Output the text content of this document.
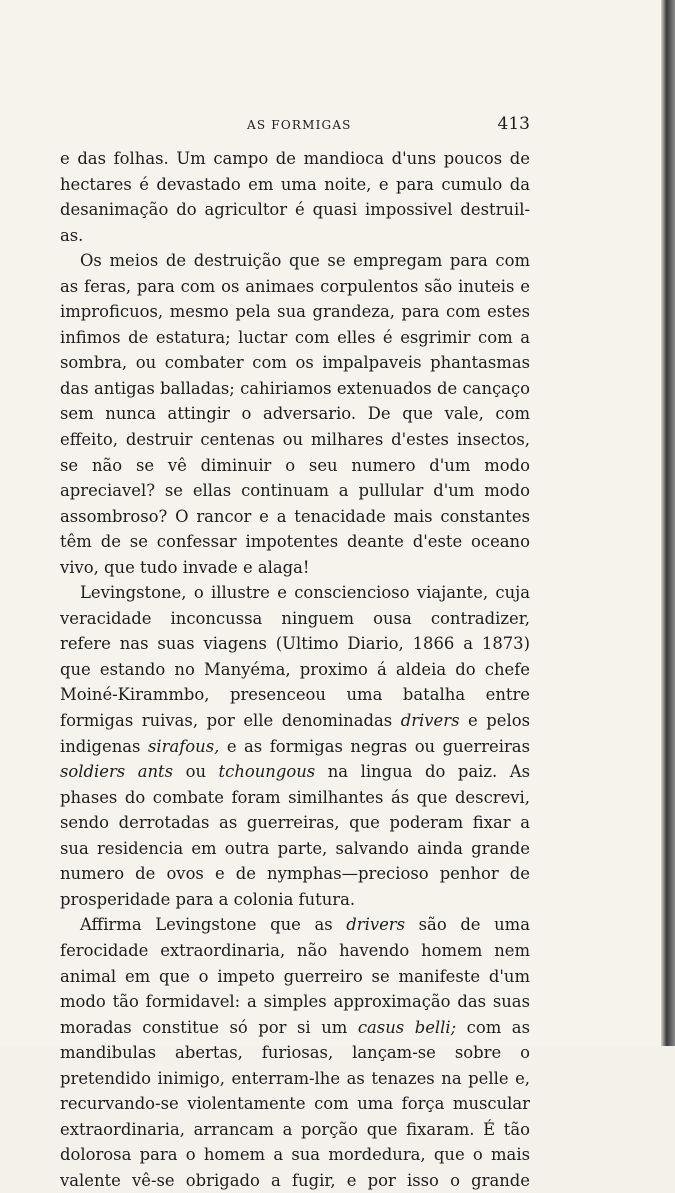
AS FORMIGAS	413

e das folhas. Um campo de mandioca d'uns poucos de hectares é devastado em uma noite, e para cumulo da desanimação do agricultor é quasi impossivel destruil-as.

Os meios de destruição que se empregam para com as feras, para com os animaes corpulentos são inuteis e improficuos, mesmo pela sua grandeza, para com estes infimos de estatura; luctar com elles é esgrimir com a sombra, ou combater com os impalpaveis phantasmas das antigas balladas; cahiriamos extenuados de cançaço sem nunca attingir o adversario. De que vale, com effeito, destruir centenas ou milhares d'estes insectos, se não se vê diminuir o seu numero d'um modo apreciavel? se ellas continuam a pullular d'um modo assombroso? O rancor e a tenacidade mais constantes têm de se confessar impotentes deante d'este oceano vivo, que tudo invade e alaga!

Levingstone, o illustre e consciencioso viajante, cuja veracidade inconcussa ninguem ousa contradizer, refere nas suas viagens (Ultimo Diario, 1866 a 1873) que estando no Manyéma, proximo á aldeia do chefe Moiné-Kirammbo, presenceou uma batalha entre formigas ruivas, por elle denominadas drivers e pelos indigenas sirafous, e as formigas negras ou guerreiras soldiers ants ou tchoungous na lingua do paiz. As phases do combate foram similhantes ás que descrevi, sendo derrotadas as guerreiras, que poderam fixar a sua residencia em outra parte, salvando ainda grande numero de ovos e de nymphas—precioso penhor de prosperidade para a colonia futura.

Affirma Levingstone que as drivers são de uma ferocidade extraordinaria, não havendo homem nem animal em que o impeto guerreiro se manifeste d'um modo tão formidavel: a simples approximação das suas moradas constitue só por si um casus belli; com as mandibulas abertas, furiosas, lançam-se sobre o pretendido inimigo, enterram-lhe as tenazes na pelle e, recurvando-se violentamente com uma força muscular extraordinaria, arrancam a porção que fixaram. É tão dolorosa para o homem a sua mordedura, que o mais valente vê-se obrigado a fugir, e por isso o grande
